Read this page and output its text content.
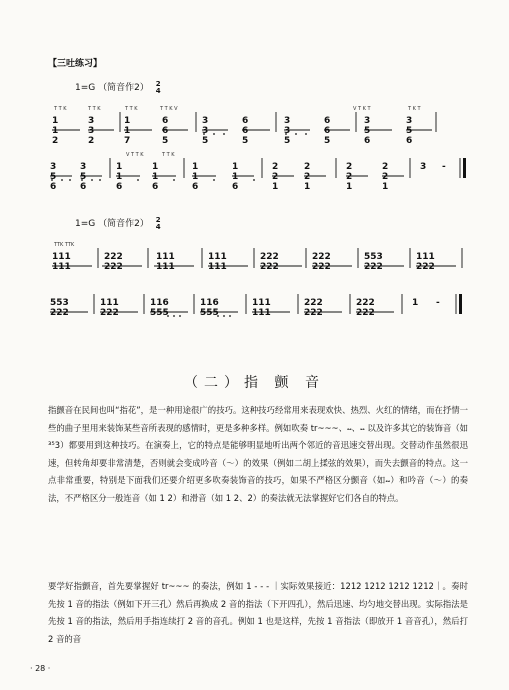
【三吐练习】
1=G （简音作2） 2
4
T T K	T T K	T T K	T T K V	V T K T	T K T
1 1 2
3 3 2
1 1 7
6 6 5
3 3 5
6 6 5
3 3 5
6 6 5
3 5 6
3 5 6
V T T K	T T K
3 5 6
3 5 6
1 1 6
1 1 6
1 1 6
1 1 6
2 2 1
2 2 1
2 2 1
2 2 1
3 -
1=G （简音作2） 2
4
TTK TTK
111 111
222 222
111 111
111 111
222 222
222 222
553 222
111 222
553 222
111 222
116 555
116 555
111 111
222 222
222 222
1 -
（二）指 颤 音
指颤音在民间也叫“指花”，是一种用途很广的技巧。这种技巧经常用来表现欢快、热烈、火红的情绪，而在抒情一些的曲子里用来装饰某些音所表现的感情时，更是多种多样。例如吹奏 tr~~~、𝆗、𝆘 以及许多其它的装饰音（如 ³⁵3）都要用到这种技巧。在演奏上，它的特点是能够明显地听出两个邻近的音迅速交替出现。交替动作虽然很迅速，但转角却要非常清楚，否则就会变成吟音（～）的效果（例如二胡上揉弦的效果），而失去颤音的特点。这一点非常重要，特别是下面我们还要介绍更多吹奏装饰音的技巧，如果不严格区分颤音（如𝆗）和吟音（～）的奏法，不严格区分一般连音（如 1 2）和滑音（如 1 2、2）的奏法就无法掌握好它们各自的特点。
要学好指颤音，首先要掌握好 tr~~~ 的奏法，例如 1 - - - ｜实际效果接近：1212 1212 1212 1212｜。奏时先按 1 音的指法（例如下开三孔）然后再换成 2 音的指法（下开四孔），然后迅速、均匀地交替出现。实际指法是先按 1 音的指法，然后用手指连续打 2 音的音孔。例如 1 也是这样，先按 1 音指法（即放开 1 音音孔），然后打 2 音的音
· 28 ·
